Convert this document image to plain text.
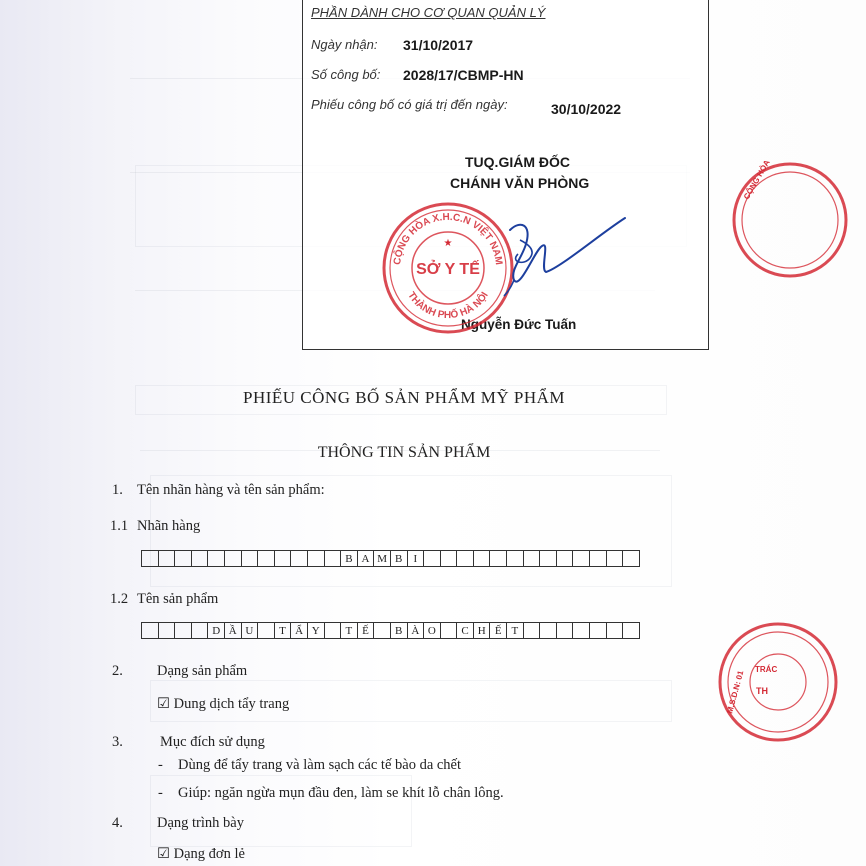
PHẦN DÀNH CHO CƠ QUAN QUẢN LÝ
Ngày nhận: 31/10/2017
Số công bố: 2028/17/CBMP-HN
Phiếu công bố có giá trị đến ngày:	30/10/2022
TUQ.GIÁM ĐỐC
CHÁNH VĂN PHÒNG
Nguyễn Đức Tuấn
CỘNG HÒA X.H.C.N VIỆT NAM
THÀNH PHỐ HÀ NỘI
SỞ Y TẾ
★
CỘNG HÒA
M.S.D.N: 01
TRÁC
TH
PHIẾU CÔNG BỐ SẢN PHẨM MỸ PHẨM
THÔNG TIN SẢN PHẨM
1. Tên nhãn hàng và tên sản phẩm:
1.1 Nhãn hàng
B A M B	I
1.2 Tên sản phẩm
D Ầ U	T Ẩ Y	T Ế	B À O	C H Ế T
2. Dạng sản phẩm
☑ Dung dịch tẩy trang
3.	Mục đích sử dụng
- Dùng để tẩy trang và làm sạch các tế bào da chết
- Giúp: ngăn ngừa mụn đầu đen, làm se khít lỗ chân lông.
4. Dạng trình bày
☑ Dạng đơn lẻ
